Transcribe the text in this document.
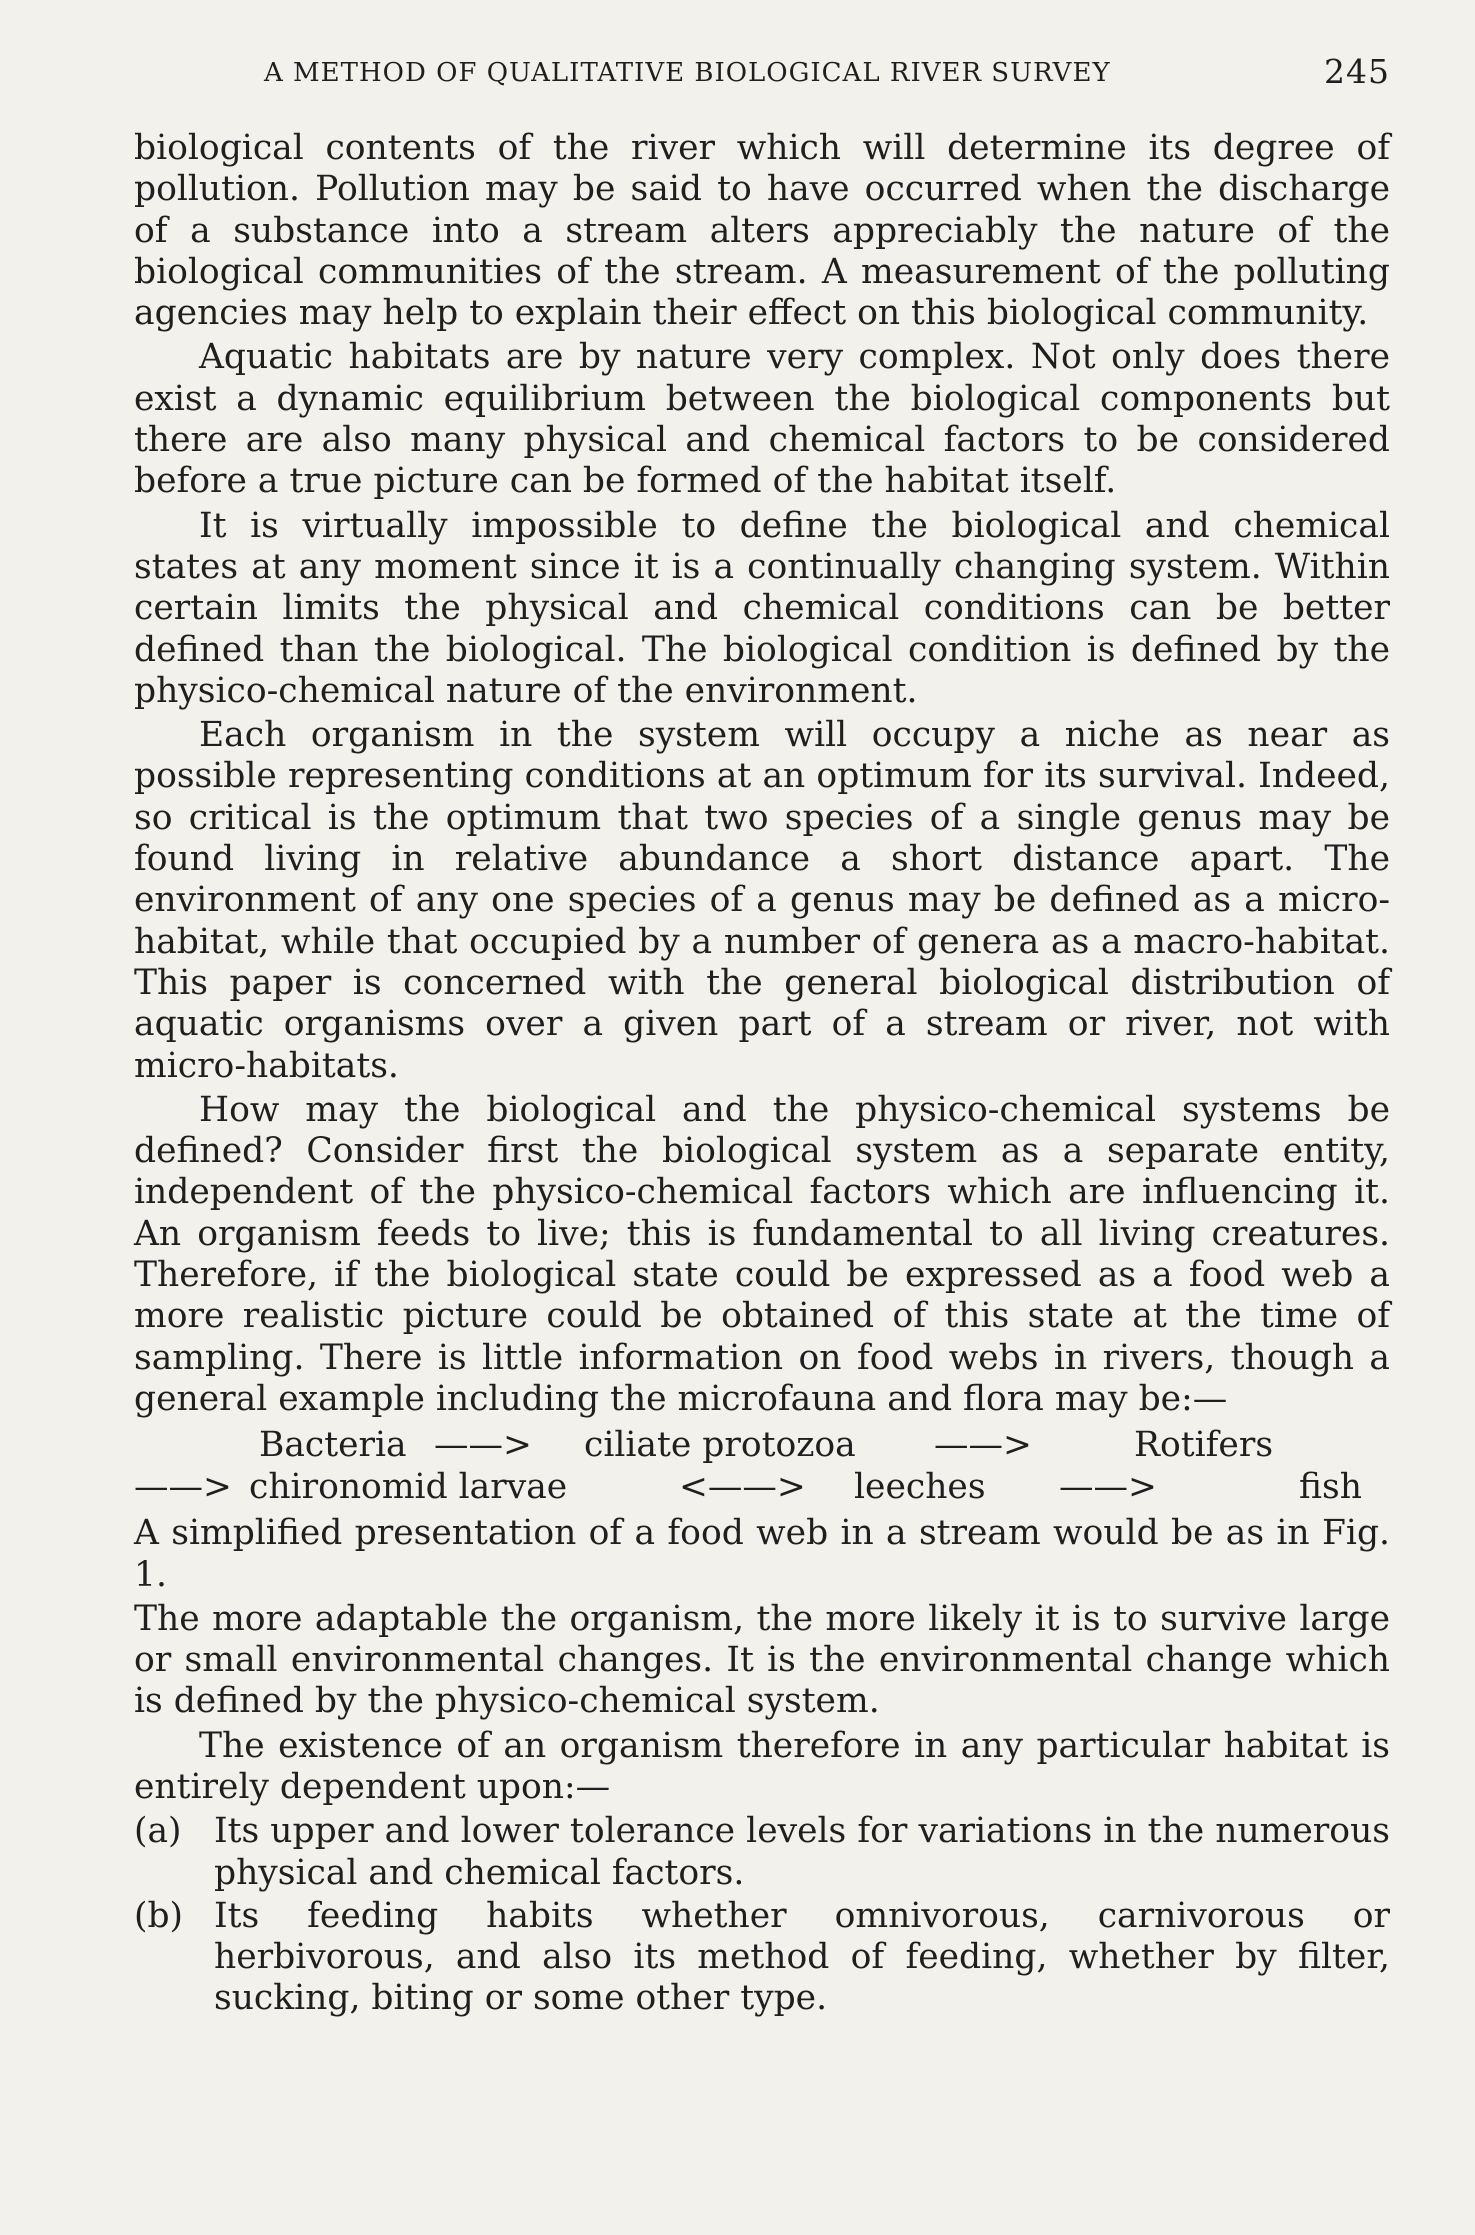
A METHOD OF QUALITATIVE BIOLOGICAL RIVER SURVEY	245

biological contents of the river which will determine its degree of pollution. Pollution may be said to have occurred when the discharge of a substance into a stream alters appreciably the nature of the biological communities of the stream. A measurement of the polluting agencies may help to explain their effect on this biological community.

Aquatic habitats are by nature very complex. Not only does there exist a dynamic equilibrium between the biological components but there are also many physical and chemical factors to be considered before a true picture can be formed of the habitat itself.

It is virtually impossible to define the biological and chemical states at any moment since it is a continually changing system. Within certain limits the physical and chemical conditions can be better defined than the biological. The biological condition is defined by the physico-chemical nature of the environment.

Each organism in the system will occupy a niche as near as possible representing conditions at an optimum for its survival. Indeed, so critical is the optimum that two species of a single genus may be found living in relative abundance a short distance apart. The environment of any one species of a genus may be defined as a micro-habitat, while that occupied by a number of genera as a macro-habitat. This paper is concerned with the general biological distribution of aquatic organisms over a given part of a stream or river, not with micro-habitats.

How may the biological and the physico-chemical systems be defined? Consider first the biological system as a separate entity, independent of the physico-chemical factors which are influencing it. An organism feeds to live; this is fundamental to all living creatures. Therefore, if the biological state could be expressed as a food web a more realistic picture could be obtained of this state at the time of sampling. There is little information on food webs in rivers, though a general example including the microfauna and flora may be:—

Bacteria ——> ciliate protozoa ——>	Rotifers
——> chironomid larvae	<——> leeches ——>	fish

A simplified presentation of a food web in a stream would be as in Fig. 1.

The more adaptable the organism, the more likely it is to survive large or small environmental changes. It is the environmental change which is defined by the physico-chemical system.

The existence of an organism therefore in any particular habitat is entirely dependent upon:—

(a) Its upper and lower tolerance levels for variations in the numerous physical and chemical factors.
(b) Its feeding habits whether omnivorous, carnivorous or herbivorous, and also its method of feeding, whether by filter, sucking, biting or some other type.
